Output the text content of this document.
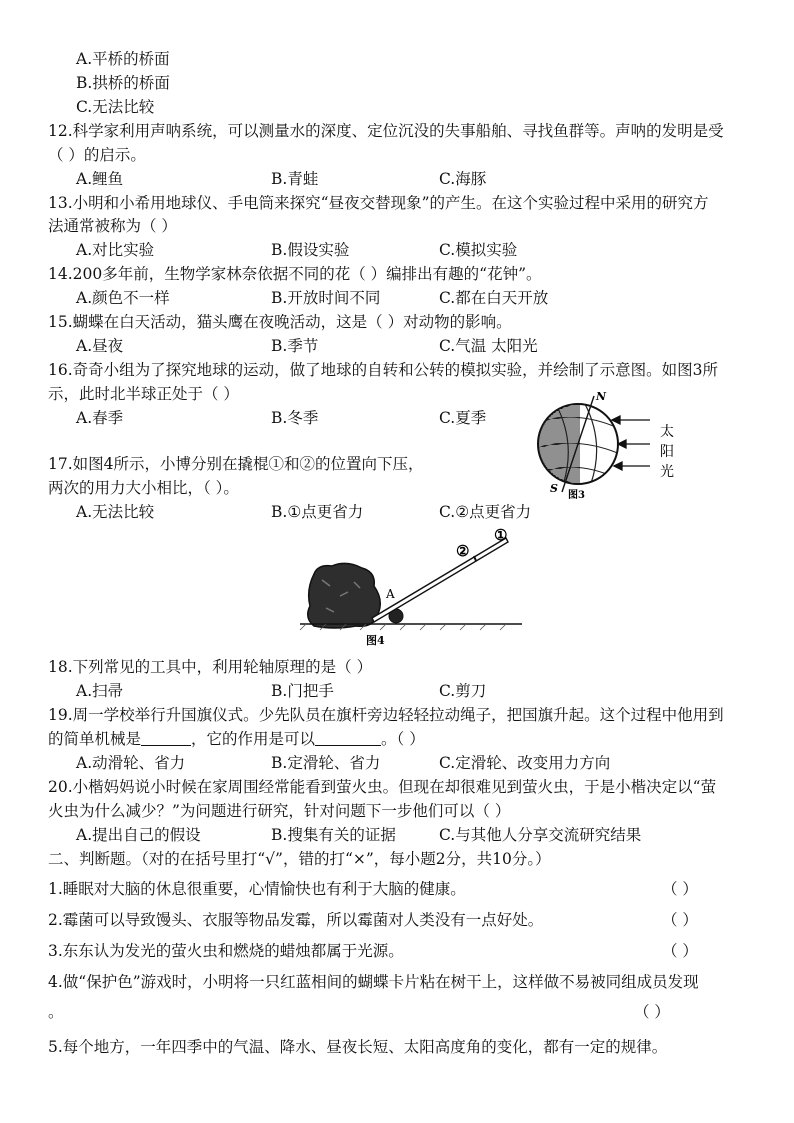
A.平桥的桥面
B.拱桥的桥面
C.无法比较
12.科学家利用声呐系统，可以测量水的深度、定位沉没的失事船舶、寻找鱼群等。声呐的发明是受
（ ）的启示。
A.鲤鱼	B.青蛙	C.海豚
13.小明和小希用地球仪、手电筒来探究“昼夜交替现象”的产生。在这个实验过程中采用的研究方
法通常被称为（ ）
A.对比实验	B.假设实验	C.模拟实验
14.200多年前，生物学家林奈依据不同的花（ ）编排出有趣的“花钟”。
A.颜色不一样	B.开放时间不同	C.都在白天开放
15.蝴蝶在白天活动，猫头鹰在夜晚活动，这是（ ）对动物的影响。
A.昼夜	B.季节	C.气温 太阳光
16.奇奇小组为了探究地球的运动，做了地球的自转和公转的模拟实验，并绘制了示意图。如图3所
示，此时北半球正处于（ ）
A.春季	B.冬季	C.夏季
N
S
图3
太
阳
光
17.如图4所示，小博分别在撬棍①和②的位置向下压，
两次的用力大小相比，（ ）。
A.无法比较	B.①点更省力	C.②点更省力
A
②
①
图4
18.下列常见的工具中，利用轮轴原理的是（ ）
A.扫帚	B.门把手	C.剪刀
19.周一学校举行升国旗仪式。少先队员在旗杆旁边轻轻拉动绳子，把国旗升起。这个过程中他用到
的简单机械是	，它的作用是可以	。（ ）
A.动滑轮、省力	B.定滑轮、省力	C.定滑轮、改变用力方向
20.小楷妈妈说小时候在家周围经常能看到萤火虫。但现在却很难见到萤火虫，于是小楷决定以“萤
火虫为什么减少？”为问题进行研究，针对问题下一步他们可以（ ）
A.提出自己的假设	B.搜集有关的证据	C.与其他人分享交流研究结果
二、判断题。（对的在括号里打“√”，错的打“×”，每小题2分，共10分。）
1.睡眠对大脑的休息很重要，心情愉快也有利于大脑的健康。	（ ）
2.霉菌可以导致馒头、衣服等物品发霉，所以霉菌对人类没有一点好处。	（ ）
3.东东认为发光的萤火虫和燃烧的蜡烛都属于光源。	（ ）
4.做“保护色”游戏时，小明将一只红蓝相间的蝴蝶卡片粘在树干上，这样做不易被同组成员发现
。	（ ）
5.每个地方，一年四季中的气温、降水、昼夜长短、太阳高度角的变化，都有一定的规律。
